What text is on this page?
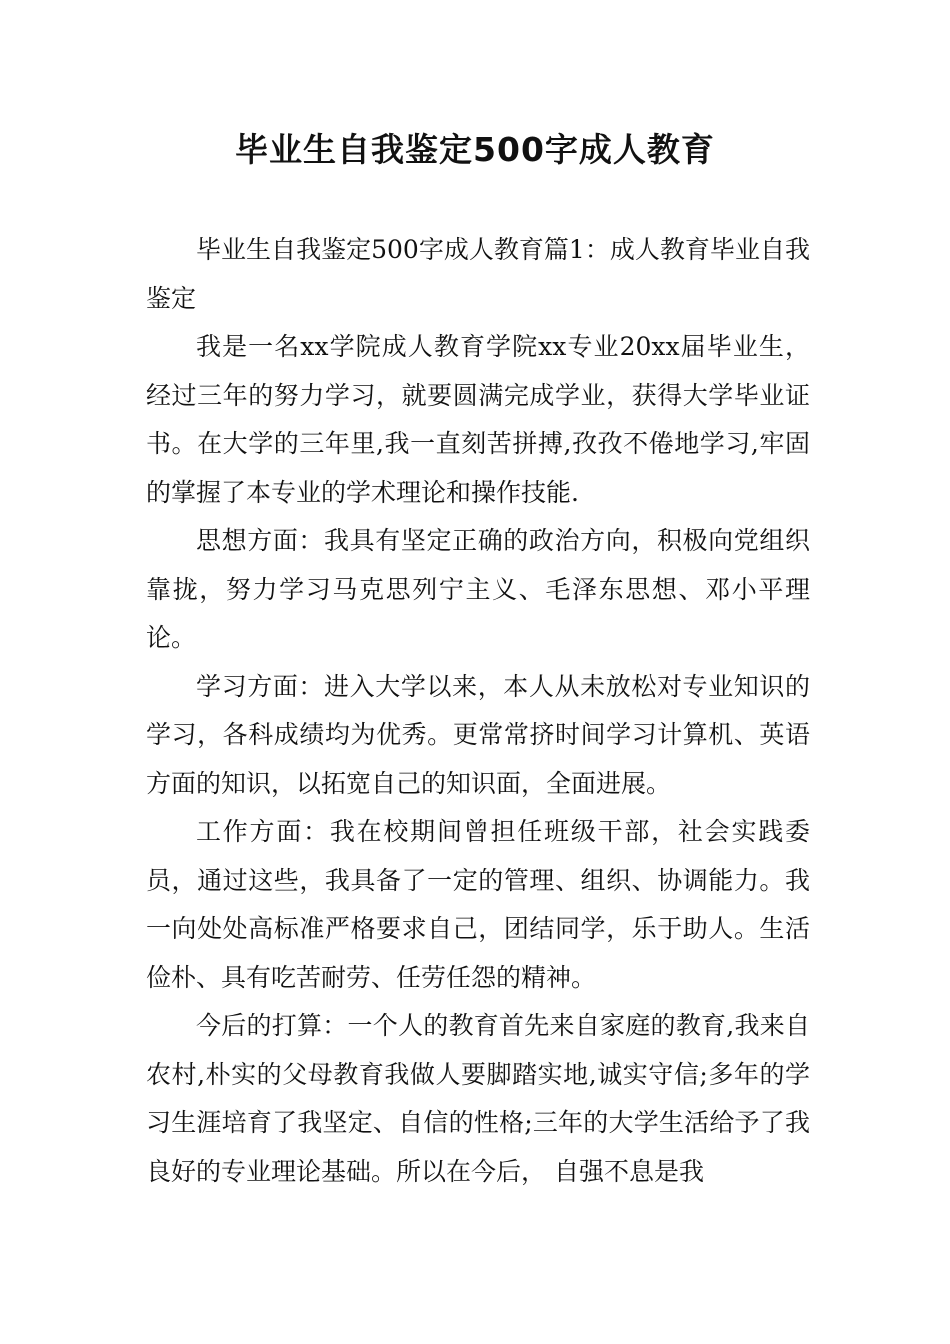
毕业生自我鉴定500字成人教育

毕业生自我鉴定500字成人教育篇1：成人教育毕业自我鉴定

我是一名xx学院成人教育学院xx专业20xx届毕业生，经过三年的努力学习，就要圆满完成学业，获得大学毕业证书。在大学的三年里,我一直刻苦拼搏,孜孜不倦地学习,牢固的掌握了本专业的学术理论和操作技能.

思想方面：我具有坚定正确的政治方向，积极向党组织靠拢，努力学习马克思列宁主义、毛泽东思想、邓小平理论。

学习方面：进入大学以来，本人从未放松对专业知识的学习，各科成绩均为优秀。更常常挤时间学习计算机、英语方面的知识，以拓宽自己的知识面，全面进展。

工作方面：我在校期间曾担任班级干部，社会实践委员，通过这些，我具备了一定的管理、组织、协调能力。我一向处处高标准严格要求自己，团结同学，乐于助人。生活俭朴、具有吃苦耐劳、任劳任怨的精神。

今后的打算：一个人的教育首先来自家庭的教育,我来自农村,朴实的父母教育我做人要脚踏实地,诚实守信;多年的学习生涯培育了我坚定、自信的性格;三年的大学生活给予了我良好的专业理论基础。所以在今后， 自强不息是我
